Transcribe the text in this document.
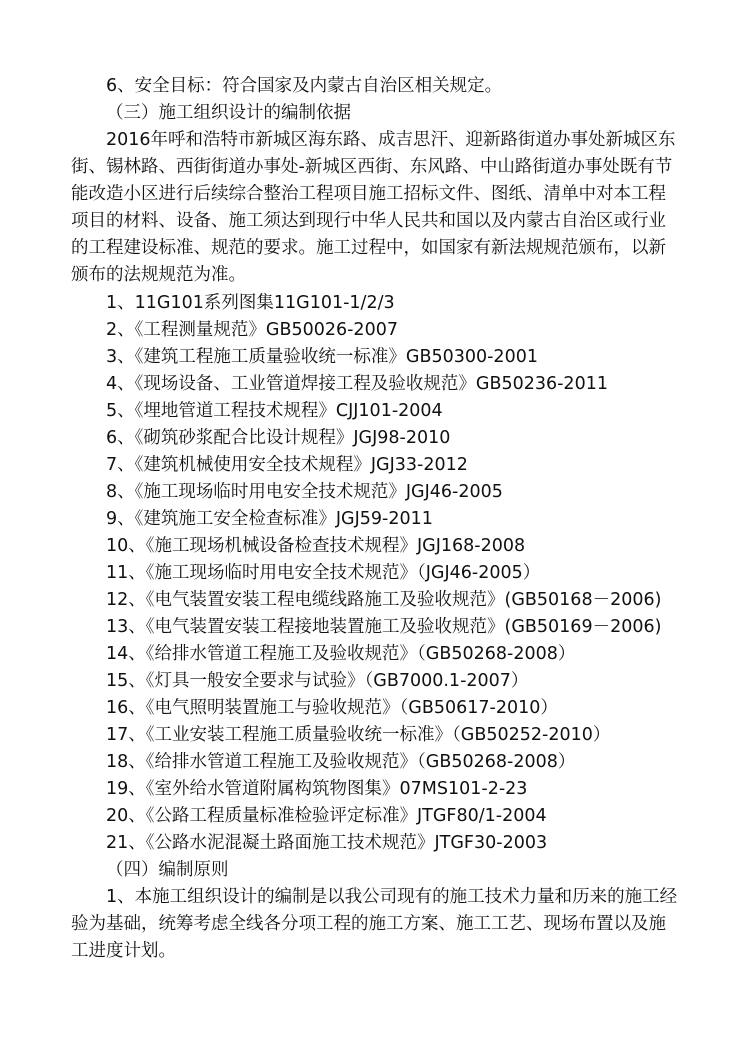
6、安全目标：符合国家及内蒙古自治区相关规定。
（三）施工组织设计的编制依据
2016年呼和浩特市新城区海东路、成吉思汗、迎新路街道办事处新城区东
街、锡林路、西街街道办事处-新城区西街、东风路、中山路街道办事处既有节
能改造小区进行后续综合整治工程项目施工招标文件、图纸、清单中对本工程
项目的材料、设备、施工须达到现行中华人民共和国以及内蒙古自治区或行业
的工程建设标准、规范的要求。施工过程中，如国家有新法规规范颁布，以新
颁布的法规规范为准。
1、11G101系列图集11G101-1/2/3
2、《工程测量规范》GB50026-2007
3、《建筑工程施工质量验收统一标准》GB50300-2001
4、《现场设备、工业管道焊接工程及验收规范》GB50236-2011
5、《埋地管道工程技术规程》CJJ101-2004
6、《砌筑砂浆配合比设计规程》JGJ98-2010
7、《建筑机械使用安全技术规程》JGJ33-2012
8、《施工现场临时用电安全技术规范》JGJ46-2005
9、《建筑施工安全检查标准》JGJ59-2011
10、《施工现场机械设备检查技术规程》JGJ168-2008
11、《施工现场临时用电安全技术规范》（JGJ46-2005）
12、《电气装置安装工程电缆线路施工及验收规范》(GB50168－2006)
13、《电气装置安装工程接地装置施工及验收规范》(GB50169－2006)
14、《给排水管道工程施工及验收规范》（GB50268-2008）
15、《灯具一般安全要求与试验》（GB7000.1-2007）
16、《电气照明装置施工与验收规范》（GB50617-2010）
17、《工业安装工程施工质量验收统一标准》（GB50252-2010）
18、《给排水管道工程施工及验收规范》（GB50268-2008）
19、《室外给水管道附属构筑物图集》07MS101-2-23
20、《公路工程质量标准检验评定标准》JTGF80/1-2004
21、《公路水泥混凝土路面施工技术规范》JTGF30-2003
（四）编制原则
1、本施工组织设计的编制是以我公司现有的施工技术力量和历来的施工经
验为基础，统筹考虑全线各分项工程的施工方案、施工工艺、现场布置以及施
工进度计划。
